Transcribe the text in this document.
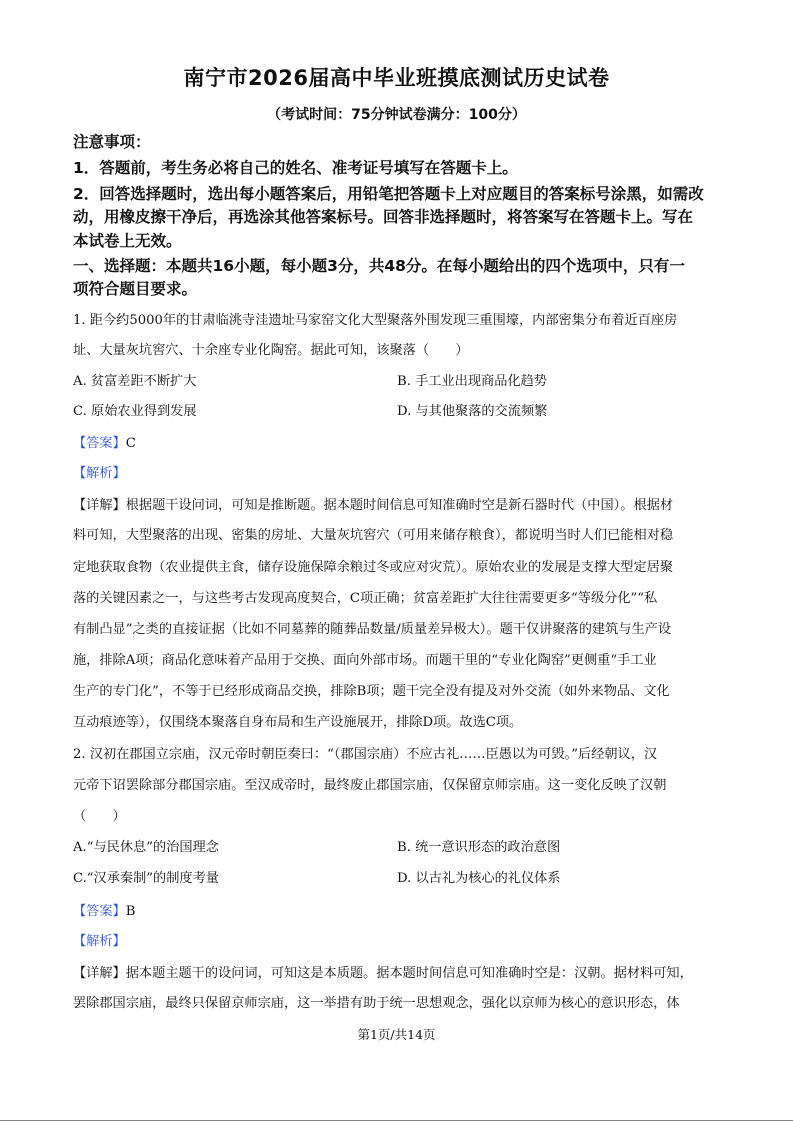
南宁市2026届高中毕业班摸底测试历史试卷
（考试时间：75分钟试卷满分：100分）
注意事项：
1．答题前，考生务必将自己的姓名、准考证号填写在答题卡上。
2．回答选择题时，选出每小题答案后，用铅笔把答题卡上对应题目的答案标号涂黑，如需改
动，用橡皮擦干净后，再选涂其他答案标号。回答非选择题时，将答案写在答题卡上。写在
本试卷上无效。
一、选择题：本题共16小题，每小题3分，共48分。在每小题给出的四个选项中，只有一
项符合题目要求。
1. 距今约5000年的甘肃临洮寺洼遗址马家窑文化大型聚落外围发现三重围壕，内部密集分布着近百座房
址、大量灰坑窖穴、十余座专业化陶窑。据此可知，该聚落（　　）
A. 贫富差距不断扩大	B. 手工业出现商品化趋势
C. 原始农业得到发展	D. 与其他聚落的交流频繁
【答案】C
【解析】
【详解】根据题干设问词，可知是推断题。据本题时间信息可知准确时空是新石器时代（中国）。根据材
料可知，大型聚落的出现、密集的房址、大量灰坑窖穴（可用来储存粮食），都说明当时人们已能相对稳
定地获取食物（农业提供主食，储存设施保障余粮过冬或应对灾荒）。原始农业的发展是支撑大型定居聚
落的关键因素之一，与这些考古发现高度契合，C项正确；贫富差距扩大往往需要更多“等级分化”“私
有制凸显”之类的直接证据（比如不同墓葬的随葬品数量/质量差异极大）。题干仅讲聚落的建筑与生产设
施，排除A项；商品化意味着产品用于交换、面向外部市场。而题干里的“专业化陶窑”更侧重“手工业
生产的专门化”，不等于已经形成商品交换，排除B项；题干完全没有提及对外交流（如外来物品、文化
互动痕迹等），仅围绕本聚落自身布局和生产设施展开，排除D项。故选C项。
2. 汉初在郡国立宗庙，汉元帝时朝臣奏曰：“（郡国宗庙）不应古礼……臣愚以为可毁。”后经朝议，汉
元帝下诏罢除部分郡国宗庙。至汉成帝时，最终废止郡国宗庙，仅保留京师宗庙。这一变化反映了汉朝
（　　）
A.“与民休息”的治国理念	B. 统一意识形态的政治意图
C.“汉承秦制”的制度考量	D. 以古礼为核心的礼仪体系
【答案】B
【解析】
【详解】据本题主题干的设问词，可知这是本质题。据本题时间信息可知准确时空是：汉朝。据材料可知，
罢除郡国宗庙，最终只保留京师宗庙，这一举措有助于统一思想观念，强化以京师为核心的意识形态，体
第1页/共14页
